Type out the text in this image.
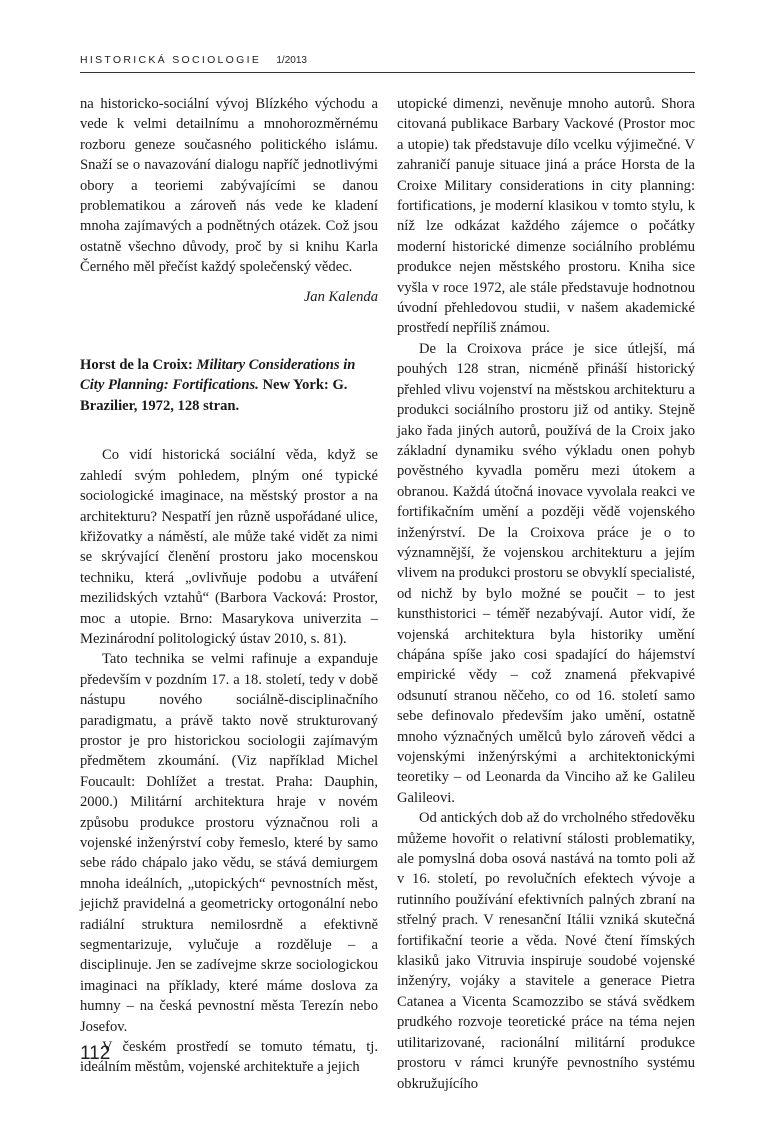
HISTORICKÁ SOCIOLOGIE 1/2013

na historicko-sociální vývoj Blízkého východu a vede k velmi detailnímu a mnohorozměrnému rozboru geneze současného politického islámu. Snaží se o navazování dialogu napříč jednotlivými obory a teoriemi zabývajícími se danou problematikou a zároveň nás vede ke kladení mnoha zajímavých a podnětných otázek. Což jsou ostatně všechno důvody, proč by si knihu Karla Černého měl přečíst každý společenský vědec.

Jan Kalenda

Horst de la Croix: Military Considerations in City Planning: Fortifications. New York: G. Brazilier, 1972, 128 stran.

Co vidí historická sociální věda, když se zahledí svým pohledem, plným oné typické sociologické imaginace, na městský prostor a na architekturu? Nespatří jen různě uspořádané ulice, křižovatky a náměstí, ale může také vidět za nimi se skrývající členění prostoru jako mocenskou techniku, která „ovlivňuje podobu a utváření mezilidských vztahů“ (Barbora Vacková: Prostor, moc a utopie. Brno: Masarykova univerzita – Mezinárodní politologický ústav 2010, s. 81).

Tato technika se velmi rafinuje a expanduje především v pozdním 17. a 18. století, tedy v době nástupu nového sociálně-disciplinačního paradigmatu, a právě takto nově strukturovaný prostor je pro historickou sociologii zajímavým předmětem zkoumání. (Viz například Michel Foucault: Dohlížet a trestat. Praha: Dauphin, 2000.) Militární architektura hraje v novém způsobu produkce prostoru význačnou roli a vojenské inženýrství coby řemeslo, které by samo sebe rádo chápalo jako vědu, se stává demiurgem mnoha ideálních, „utopických“ pevnostních měst, jejichž pravidelná a geometricky ortogonální nebo radiální struktura nemilosrdně a efektivně segmentarizuje, vylučuje a rozděluje – a disciplinuje. Jen se zadívejme skrze sociologickou imaginaci na příklady, které máme doslova za humny – na česká pevnostní města Terezín nebo Josefov.

V českém prostředí se tomuto tématu, tj. ideálním městům, vojenské architektuře a jejich

utopické dimenzi, nevěnuje mnoho autorů. Shora citovaná publikace Barbary Vackové (Prostor moc a utopie) tak představuje dílo vcelku výjimečné. V zahraničí panuje situace jiná a práce Horsta de la Croixe Military considerations in city planning: fortifications, je moderní klasikou v tomto stylu, k níž lze odkázat každého zájemce o počátky moderní historické dimenze sociálního problému produkce nejen městského prostoru. Kniha sice vyšla v roce 1972, ale stále představuje hodnotnou úvodní přehledovou studii, v našem akademické prostředí nepříliš známou.

De la Croixova práce je sice útlejší, má pouhých 128 stran, nicméně přináší historický přehled vlivu vojenství na městskou architekturu a produkci sociálního prostoru již od antiky. Stejně jako řada jiných autorů, používá de la Croix jako základní dynamiku svého výkladu onen pohyb pověstného kyvadla poměru mezi útokem a obranou. Každá útočná inovace vyvolala reakci ve fortifikačním umění a později vědě vojenského inženýrství. De la Croixova práce je o to významnější, že vojenskou architekturu a jejím vlivem na produkci prostoru se obvyklí specialisté, od nichž by bylo možné se poučit – to jest kunsthistorici – téměř nezabývají. Autor vidí, že vojenská architektura byla historiky umění chápána spíše jako cosi spadající do hájemství empirické vědy – což znamená překvapivé odsunutí stranou něčeho, co od 16. století samo sebe definovalo především jako umění, ostatně mnoho význačných umělců bylo zároveň vědci a vojenskými inženýrskými a architektonickými teoretiky – od Leonarda da Vinciho až ke Galileu Galileovi.

Od antických dob až do vrcholného středověku můžeme hovořit o relativní stálosti problematiky, ale pomyslná doba osová nastává na tomto poli až v 16. století, po revolučních efektech vývoje a rutinního používání efektivních palných zbraní na střelný prach. V renesanční Itálii vzniká skutečná fortifikační teorie a věda. Nové čtení římských klasiků jako Vitruvia inspiruje soudobé vojenské inženýry, vojáky a stavitele a generace Pietra Catanea a Vicenta Scamozzibo se stává svědkem prudkého rozvoje teoretické práce na téma nejen utilitarizované, racionální militární produkce prostoru v rámci krunýře pevnostního systému obkružujícího

112
